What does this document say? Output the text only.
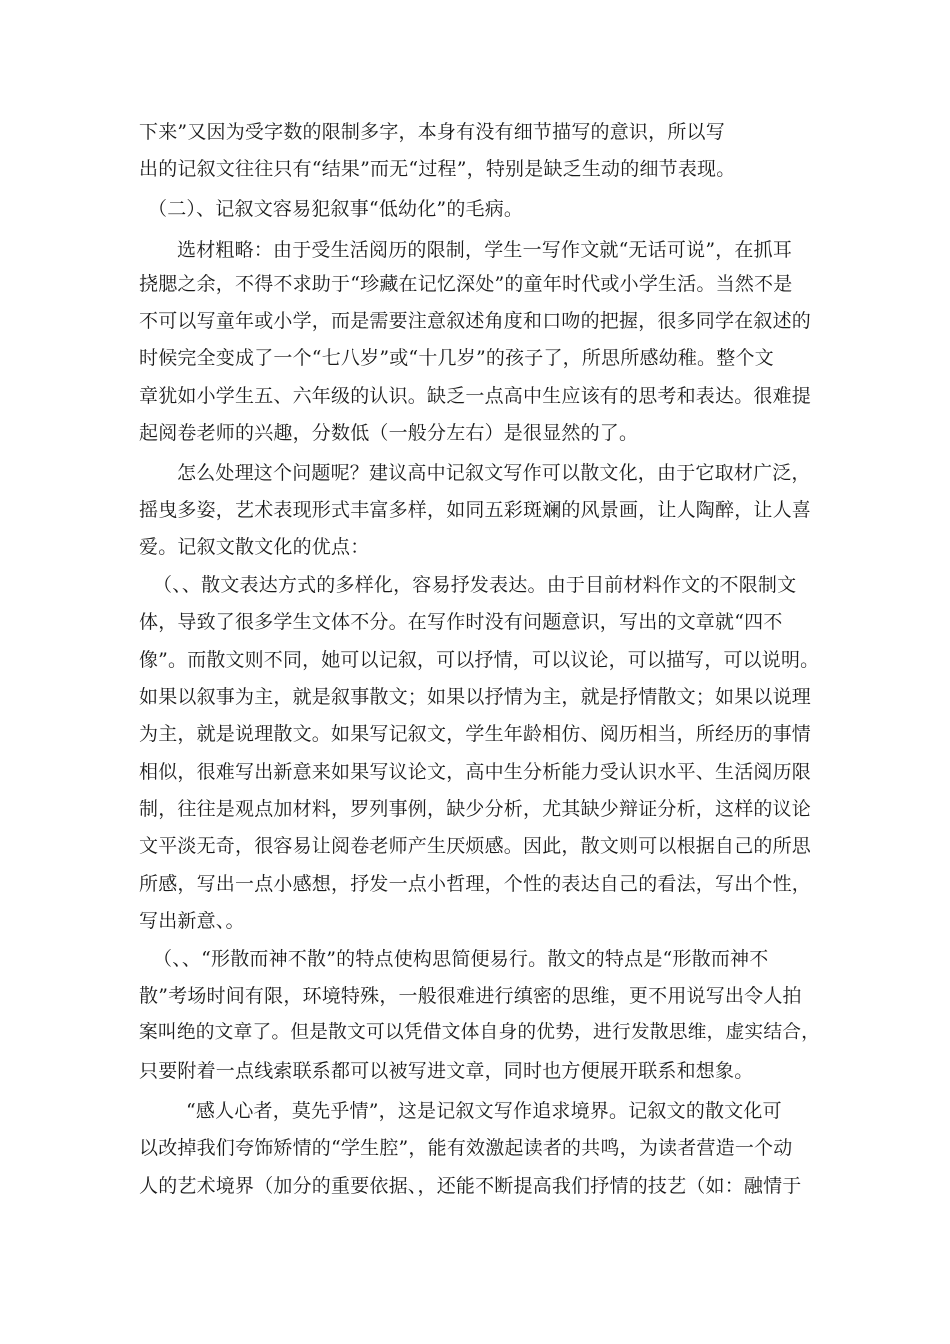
下来”又因为受字数的限制多字，本身有没有细节描写的意识，所以写
出的记叙文往往只有“结果”而无“过程”，特别是缺乏生动的细节表现。
（二）、记叙文容易犯叙事“低幼化”的毛病。
选材粗略：由于受生活阅历的限制，学生一写作文就“无话可说”，在抓耳
挠腮之余，不得不求助于“珍藏在记忆深处”的童年时代或小学生活。当然不是
不可以写童年或小学，而是需要注意叙述角度和口吻的把握，很多同学在叙述的
时候完全变成了一个“七八岁”或“十几岁”的孩子了，所思所感幼稚。整个文
章犹如小学生五、六年级的认识。缺乏一点高中生应该有的思考和表达。很难提
起阅卷老师的兴趣，分数低（一般分左右）是很显然的了。
怎么处理这个问题呢？建议高中记叙文写作可以散文化，由于它取材广泛，
摇曳多姿，艺术表现形式丰富多样，如同五彩斑斓的风景画，让人陶醉，让人喜
爱。记叙文散文化的优点：
（、、散文表达方式的多样化，容易抒发表达。由于目前材料作文的不限制文
体，导致了很多学生文体不分。在写作时没有问题意识，写出的文章就“四不
像”。而散文则不同，她可以记叙，可以抒情，可以议论，可以描写，可以说明。
如果以叙事为主，就是叙事散文；如果以抒情为主，就是抒情散文；如果以说理
为主，就是说理散文。如果写记叙文，学生年龄相仿、阅历相当，所经历的事情
相似，很难写出新意来如果写议论文，高中生分析能力受认识水平、生活阅历限
制，往往是观点加材料，罗列事例，缺少分析，尤其缺少辩证分析，这样的议论
文平淡无奇，很容易让阅卷老师产生厌烦感。因此，散文则可以根据自己的所思
所感，写出一点小感想，抒发一点小哲理，个性的表达自己的看法，写出个性，
写出新意、。
（、、“形散而神不散”的特点使构思简便易行。散文的特点是“形散而神不
散”考场时间有限，环境特殊，一般很难进行缜密的思维，更不用说写出令人拍
案叫绝的文章了。但是散文可以凭借文体自身的优势，进行发散思维，虚实结合，
只要附着一点线索联系都可以被写进文章，同时也方便展开联系和想象。
“感人心者，莫先乎情”，这是记叙文写作追求境界。记叙文的散文化可
以改掉我们夸饰矫情的“学生腔”，能有效激起读者的共鸣，为读者营造一个动
人的艺术境界（加分的重要依据、，还能不断提高我们抒情的技艺（如：融情于
